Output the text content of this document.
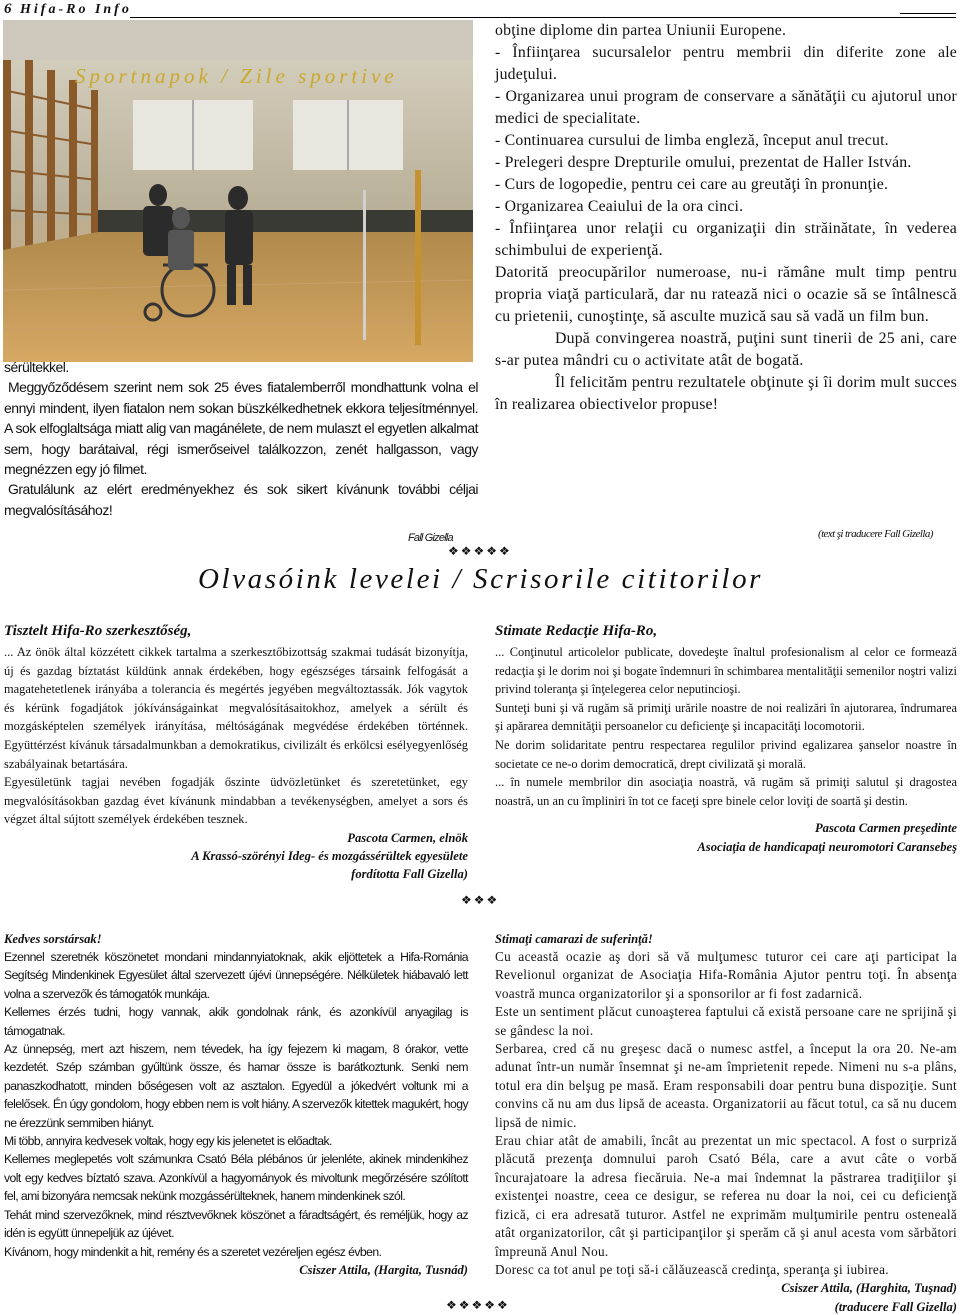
6 Hifa-Ro Info
Sportnapok / Zile sportive

sérültekkel.

Meggyőződésem szerint nem sok 25 éves fiatalemberről mondhattunk volna el ennyi mindent, ilyen fiatalon nem sokan büszkélkedhetnek ekkora teljesítménnyel. A sok elfoglaltsága miatt alig van magánélete, de nem mulaszt el egyetlen alkalmat sem, hogy barátaival, régi ismerőseivel találkozzon, zenét hallgasson, vagy megnézzen egy jó filmet.

Gratulálunk az elért eredményekhez és sok sikert kívánunk további céljai megvalósításához!

Fall Gizella

obţine diplome din partea Uniunii Europene.

- Înfiinţarea sucursalelor pentru membrii din diferite zone ale judeţului.

- Organizarea unui program de conservare a sănătăţii cu ajutorul unor medici de specialitate.

- Continuarea cursului de limba engleză, început anul trecut.

- Prelegeri despre Drepturile omului, prezentat de Haller István.

- Curs de logopedie, pentru cei care au greutăţi în pronunţie.

- Organizarea Ceaiului de la ora cinci.

- Înfiinţarea unor relaţii cu organizaţii din străinătate, în vederea schimbului de experienţă.

Datorită preocupărilor numeroase, nu-i rămâne mult timp pentru propria viaţă particulară, dar nu ratează nici o ocazie să se întâlnescă cu prietenii, cunoştinţe, să asculte muzică sau să vadă un film bun.

După convingerea noastră, puţini sunt tinerii de 25 ani, care s-ar putea mândri cu o activitate atât de bogată.

Îl felicităm pentru rezultatele obţinute şi îi dorim mult succes în realizarea obiectivelor propuse!

(text şi traducere Fall Gizella)
❖❖❖❖❖
Olvasóink levelei / Scrisorile cititorilor
Tisztelt Hifa-Ro szerkesztőség,

... Az önök által közzétett cikkek tartalma a szerkesztőbizottság szakmai tudását bizonyítja, új és gazdag bíztatást küldünk annak érdekében, hogy egészséges társaink felfogását a magatehetetlenek irányába a tolerancia és megértés jegyében megváltoztassák. Jók vagytok és kérünk fogadjátok jókívánságainkat megvalósításaitokhoz, amelyek a sérült és mozgásképtelen személyek irányítása, méltóságának megvédése érdekében történnek. Együttérzést kívánuk társadalmunkban a demokratikus, civilizált és erkölcsi esélyegyenlőség szabályainak betartására.

Egyesületünk tagjai nevében fogadják őszinte üdvözletünket és szeretetünket, egy megvalósításokban gazdag évet kívánunk mindabban a tevékenységben, amelyet a sors és végzet által sújtott személyek érdekében tesznek.

Pascota Carmen, elnök
A Krassó-szörényi Ideg- és mozgássérültek egyesülete
fordította Fall Gizella)
Stimate Redacţie Hifa-Ro,

... Conţinutul articolelor publicate, dovedeşte înaltul profesionalism al celor ce formează redacţia şi le dorim noi şi bogate îndemnuri în schimbarea mentalităţii semenilor noştri valizi privind toleranţa şi înţelegerea celor neputincioşi.

Sunteţi buni şi vă rugăm să primiţi urările noastre de noi realizări în ajutorarea, îndrumarea şi apărarea demnităţii persoanelor cu deficienţe şi incapacităţi locomotorii.

Ne dorim solidaritate pentru respectarea regulilor privind egalizarea şanselor noastre în societate ce ne-o dorim democratică, drept civilizată şi morală.

... în numele membrilor din asociaţia noastră, vă rugăm să primiţi salutul şi dragostea noastră, un an cu împliniri în tot ce faceţi spre binele celor loviţi de soartă şi destin.

Pascota Carmen preşedinte
Asociaţia de handicapaţi neuromotori Caransebeş
❖❖❖
Kedves sorstársak!

Ezennel szeretnék köszönetet mondani mindannyiatoknak, akik eljöttetek a Hifa-Románia Segítség Mindenkinek Egyesület által szervezett újévi ünnepségére. Nélkületek hiábavaló lett volna a szervezők és támogatók munkája.

Kellemes érzés tudni, hogy vannak, akik gondolnak ránk, és azonkívül anyagilag is támogatnak.

Az ünnepség, mert azt hiszem, nem tévedek, ha így fejezem ki magam, 8 órakor, vette kezdetét. Szép számban gyűltünk össze, és hamar össze is barátkoztunk. Senki nem panaszkodhatott, minden bőségesen volt az asztalon. Egyedül a jókedvért voltunk mi a felelősek. Én úgy gondolom, hogy ebben nem is volt hiány. A szervezők kitettek magukért, hogy ne érezzünk semmiben hiányt.

Mi több, annyira kedvesek voltak, hogy egy kis jelenetet is előadtak.

Kellemes meglepetés volt számunkra Csató Béla plébános úr jelenléte, akinek mindenkihez volt egy kedves bíztató szava. Azonkívül a hagyományok és mivoltunk megőrzésére szólított fel, ami bizonyára nemcsak nekünk mozgássérülteknek, hanem mindenkinek szól.

Tehát mind szervezőknek, mind résztvevőknek köszönet a fáradtságért, és reméljük, hogy az idén is együtt ünnepeljük az újévet.

Kívánom, hogy mindenkit a hit, remény és a szeretet vezéreljen egész évben.

Csiszer Attila, (Hargita, Tusnád)
Stimaţi camarazi de suferinţă!

Cu această ocazie aş dori să vă mulţumesc tuturor cei care aţi participat la Revelionul organizat de Asociaţia Hifa-România Ajutor pentru toţi. În absenţa voastră munca organizatorilor şi a sponsorilor ar fi fost zadarnică.

Este un sentiment plăcut cunoaşterea faptului că există persoane care ne sprijină şi se gândesc la noi.

Serbarea, cred că nu greşesc dacă o numesc astfel, a început la ora 20. Ne-am adunat într-un număr însemnat şi ne-am împrietenit repede. Nimeni nu s-a plâns, totul era din belşug pe masă. Eram responsabili doar pentru buna dispoziţie. Sunt convins că nu am dus lipsă de aceasta. Organizatorii au făcut totul, ca să nu ducem lipsă de nimic.

Erau chiar atât de amabili, încât au prezentat un mic spectacol. A fost o surpriză plăcută prezenţa domnului paroh Csató Béla, care a avut câte o vorbă încurajatoare la adresa fiecăruia. Ne-a mai îndemnat la păstrarea tradiţiilor şi existenţei noastre, ceea ce desigur, se referea nu doar la noi, cei cu deficienţă fizică, ci era adresată tuturor. Astfel ne exprimăm mulţumirile pentru osteneală atât organizatorilor, cât şi participanţilor şi sperăm că şi anul acesta vom sărbători împreună Anul Nou.

Doresc ca tot anul pe toţi să-i călăuzească credinţa, speranţa şi iubirea.

Csiszer Attila, (Harghita, Tuşnad)
(traducere Fall Gizella)
❖❖❖❖❖
